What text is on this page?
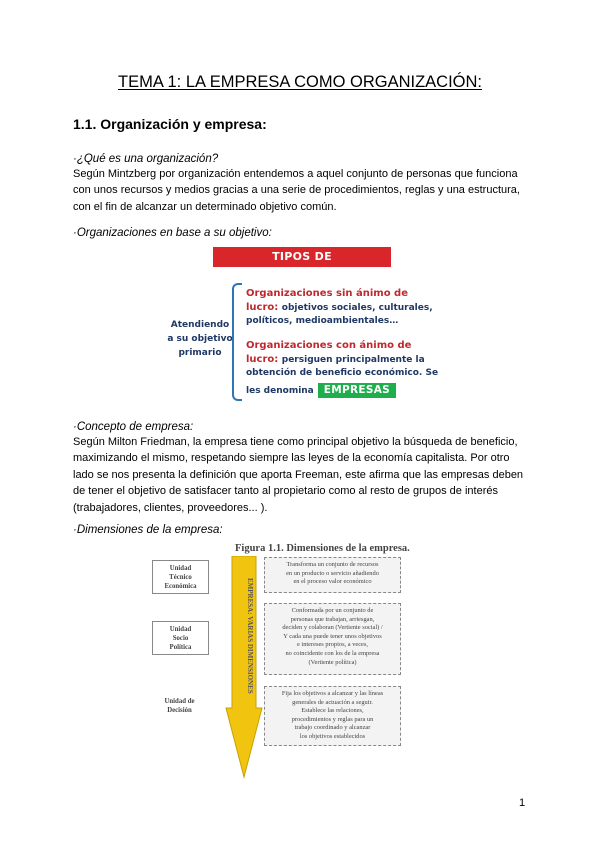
TEMA 1: LA EMPRESA COMO ORGANIZACIÓN:
1.1. Organización y empresa:
·¿Qué es una organización?
Según Mintzberg por organización entendemos a aquel conjunto de personas que funciona
con unos recursos y medios gracias a una serie de procedimientos, reglas y una estructura,
con el fin de alcanzar un determinado objetivo común.
·Organizaciones en base a su objetivo:
TIPOS DE ORGANIZACIONES
Atendiendo
a su objetivo
primario
Organizaciones sin ánimo de
lucro: objetivos sociales, culturales,
políticos, medioambientales…
Organizaciones con ánimo de
lucro: persiguen principalmente la
obtención de beneficio económico. Se
les denomina EMPRESAS
·Concepto de empresa:
Según Milton Friedman, la empresa tiene como principal objetivo la búsqueda de beneficio,
maximizando el mismo, respetando siempre las leyes de la economía capitalista. Por otro
lado se nos presenta la definición que aporta Freeman, este afirma que las empresas deben
de tener el objetivo de satisfacer tanto al propietario como al resto de grupos de interés
(trabajadores, clientes, proveedores... ).
·Dimensiones de la empresa:
Figura 1.1. Dimensiones de la empresa.
EMPRESA: VARIAS DIMENSIONES
Unidad
Técnico
Económica
Unidad
Socio
Política
Unidad de
Decisión
Transforma un conjunto de recursos
en un producto o servicio añadiendo
en el proceso valor económico
Conformada por un conjunto de
personas que trabajan, arriesgan,
deciden y colaboran (Vertiente social) /
Y cada una puede tener unos objetivos
e intereses propios, a veces,
no coincidente con los de la empresa
(Vertiente política)
Fija los objetivos a alcanzar y las líneas
generales de actuación a seguir.
Establece las relaciones,
procedimientos y reglas para un
trabajo coordinado y alcanzar
los objetivos establecidos
1
